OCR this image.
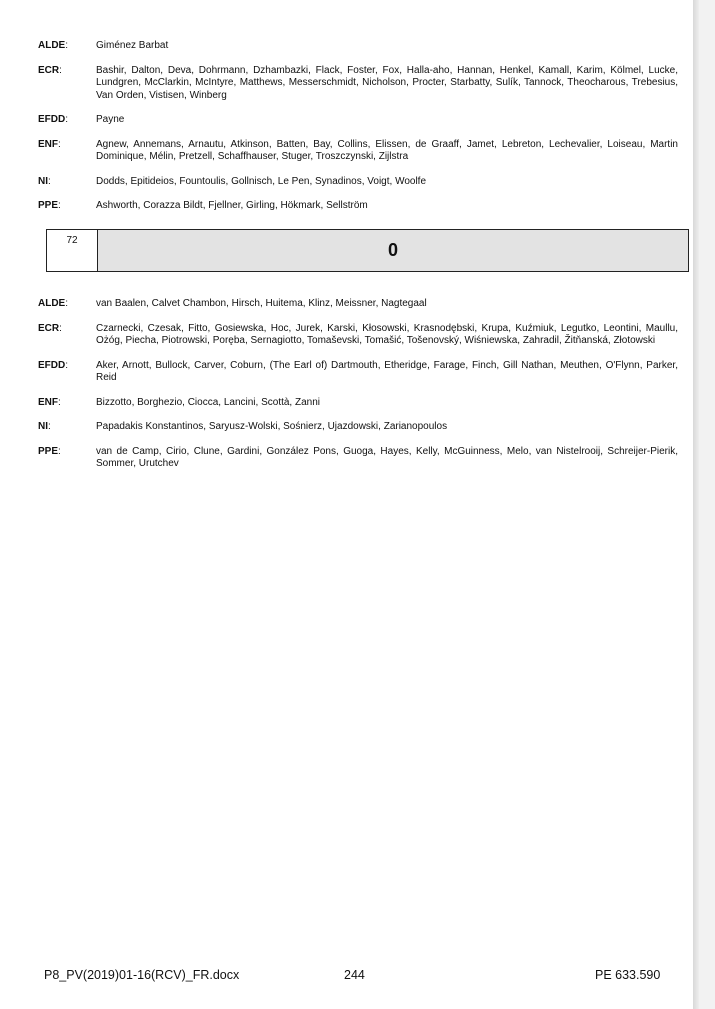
ALDE:	Giménez Barbat
ECR:	Bashir, Dalton, Deva, Dohrmann, Dzhambazki, Flack, Foster, Fox, Halla-aho, Hannan, Henkel, Kamall, Karim, Kölmel, Lucke, Lundgren, McClarkin, McIntyre, Matthews, Messerschmidt, Nicholson, Procter, Starbatty, Sulík, Tannock, Theocharous, Trebesius, Van Orden, Vistisen, Winberg
EFDD:	Payne
ENF:	Agnew, Annemans, Arnautu, Atkinson, Batten, Bay, Collins, Elissen, de Graaff, Jamet, Lebreton, Lechevalier, Loiseau, Martin Dominique, Mélin, Pretzell, Schaffhauser, Stuger, Troszczynski, Zijlstra
NI:	Dodds, Epitideios, Fountoulis, Gollnisch, Le Pen, Synadinos, Voigt, Woolfe
PPE:	Ashworth, Corazza Bildt, Fjellner, Girling, Hökmark, Sellström
72	0
ALDE:	van Baalen, Calvet Chambon, Hirsch, Huitema, Klinz, Meissner, Nagtegaal
ECR:	Czarnecki, Czesak, Fitto, Gosiewska, Hoc, Jurek, Karski, Kłosowski, Krasnodębski, Krupa, Kuźmiuk, Legutko, Leontini, Maullu, Ożóg, Piecha, Piotrowski, Poręba, Sernagiotto, Tomaševski, Tomašić, Tošenovský, Wiśniewska, Zahradil, Žitňanská, Złotowski
EFDD:	Aker, Arnott, Bullock, Carver, Coburn, (The Earl of) Dartmouth, Etheridge, Farage, Finch, Gill Nathan, Meuthen, O'Flynn, Parker, Reid
ENF:	Bizzotto, Borghezio, Ciocca, Lancini, Scottà, Zanni
NI:	Papadakis Konstantinos, Saryusz-Wolski, Sośnierz, Ujazdowski, Zarianopoulos
PPE:	van de Camp, Cirio, Clune, Gardini, González Pons, Guoga, Hayes, Kelly, McGuinness, Melo, van Nistelrooij, Schreijer-Pierik, Sommer, Urutchev
P8_PV(2019)01-16(RCV)_FR.docx	244	PE 633.590
